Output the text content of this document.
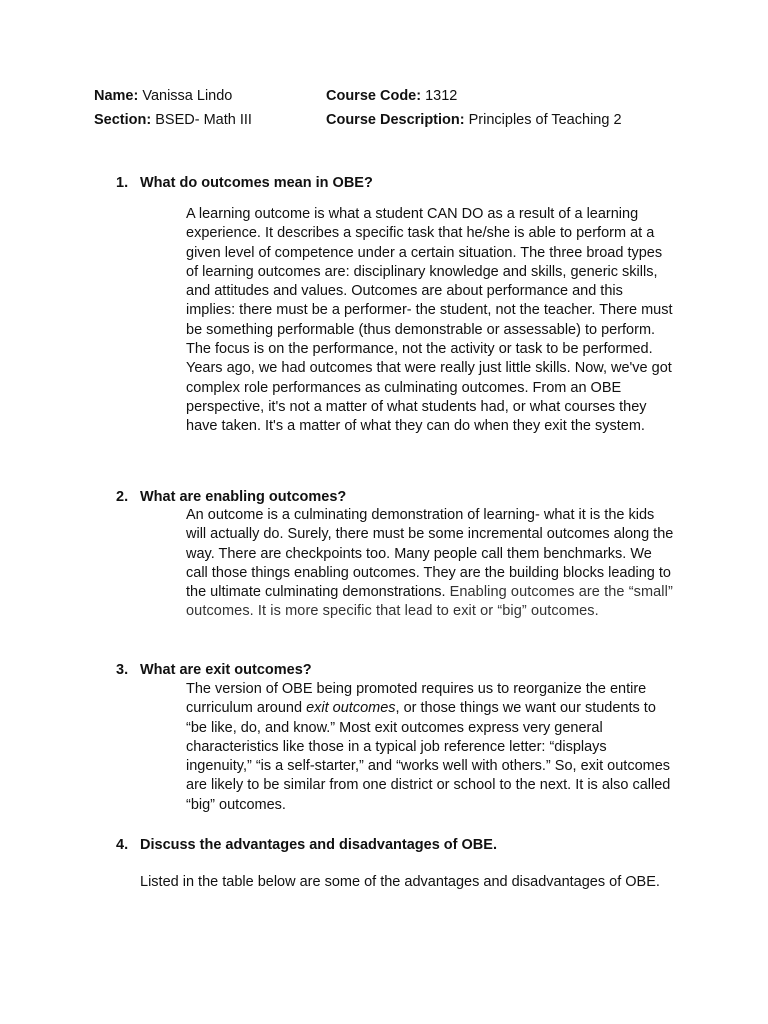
Name: Vanissa Lindo	Course Code: 1312
Section: BSED- Math III	Course Description: Principles of Teaching 2
1. What do outcomes mean in OBE?

A learning outcome is what a student CAN DO as a result of a learning experience. It describes a specific task that he/she is able to perform at a given level of competence under a certain situation. The three broad types of learning outcomes are: disciplinary knowledge and skills, generic skills, and attitudes and values. Outcomes are about performance and this implies: there must be a performer- the student, not the teacher. There must be something performable (thus demonstrable or assessable) to perform. The focus is on the performance, not the activity or task to be performed. Years ago, we had outcomes that were really just little skills. Now, we've got complex role performances as culminating outcomes. From an OBE perspective, it's not a matter of what students had, or what courses they have taken. It's a matter of what they can do when they exit the system.

2. What are enabling outcomes?

An outcome is a culminating demonstration of learning- what it is the kids will actually do. Surely, there must be some incremental outcomes along the way. There are checkpoints too. Many people call them benchmarks. We call those things enabling outcomes. They are the building blocks leading to the ultimate culminating demonstrations. Enabling outcomes are the “small” outcomes. It is more specific that lead to exit or “big” outcomes.

3. What are exit outcomes?

The version of OBE being promoted requires us to reorganize the entire curriculum around exit outcomes, or those things we want our students to “be like, do, and know.” Most exit outcomes express very general characteristics like those in a typical job reference letter: “displays ingenuity,” “is a self-starter,” and “works well with others.” So, exit outcomes are likely to be similar from one district or school to the next. It is also called “big” outcomes.

4. Discuss the advantages and disadvantages of OBE.

Listed in the table below are some of the advantages and disadvantages of OBE.
